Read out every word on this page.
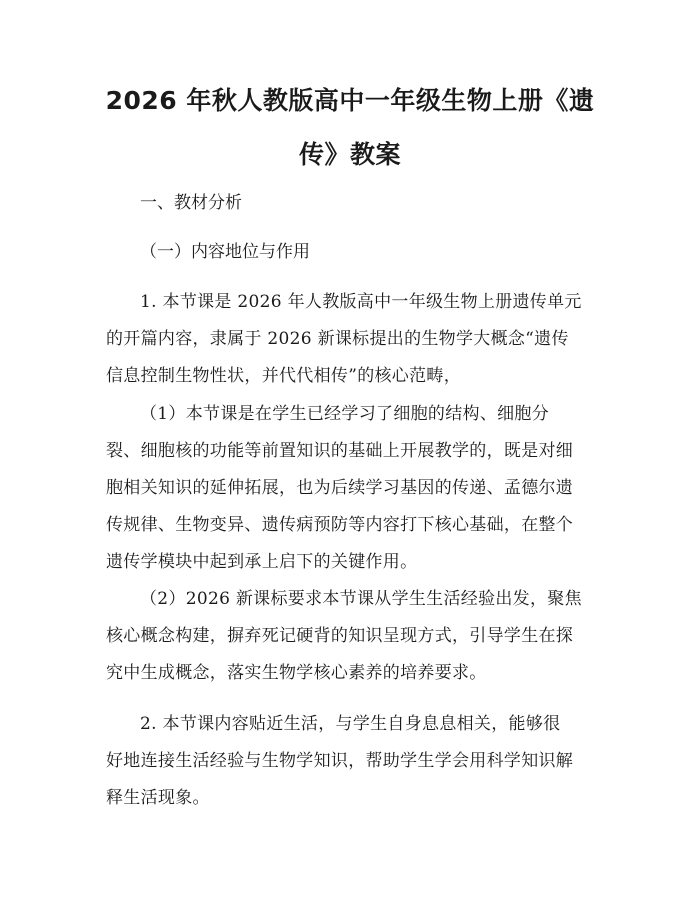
2026 年秋人教版高中一年级生物上册《遗
传》教案
一、教材分析
（一）内容地位与作用
1. 本节课是 2026 年人教版高中一年级生物上册遗传单元
的开篇内容，隶属于 2026 新课标提出的生物学大概念“遗传
信息控制生物性状，并代代相传”的核心范畴，
（1）本节课是在学生已经学习了细胞的结构、细胞分
裂、细胞核的功能等前置知识的基础上开展教学的，既是对细
胞相关知识的延伸拓展，也为后续学习基因的传递、孟德尔遗
传规律、生物变异、遗传病预防等内容打下核心基础，在整个
遗传学模块中起到承上启下的关键作用。
（2）2026 新课标要求本节课从学生生活经验出发，聚焦
核心概念构建，摒弃死记硬背的知识呈现方式，引导学生在探
究中生成概念，落实生物学核心素养的培养要求。
2. 本节课内容贴近生活，与学生自身息息相关，能够很
好地连接生活经验与生物学知识，帮助学生学会用科学知识解
释生活现象。
